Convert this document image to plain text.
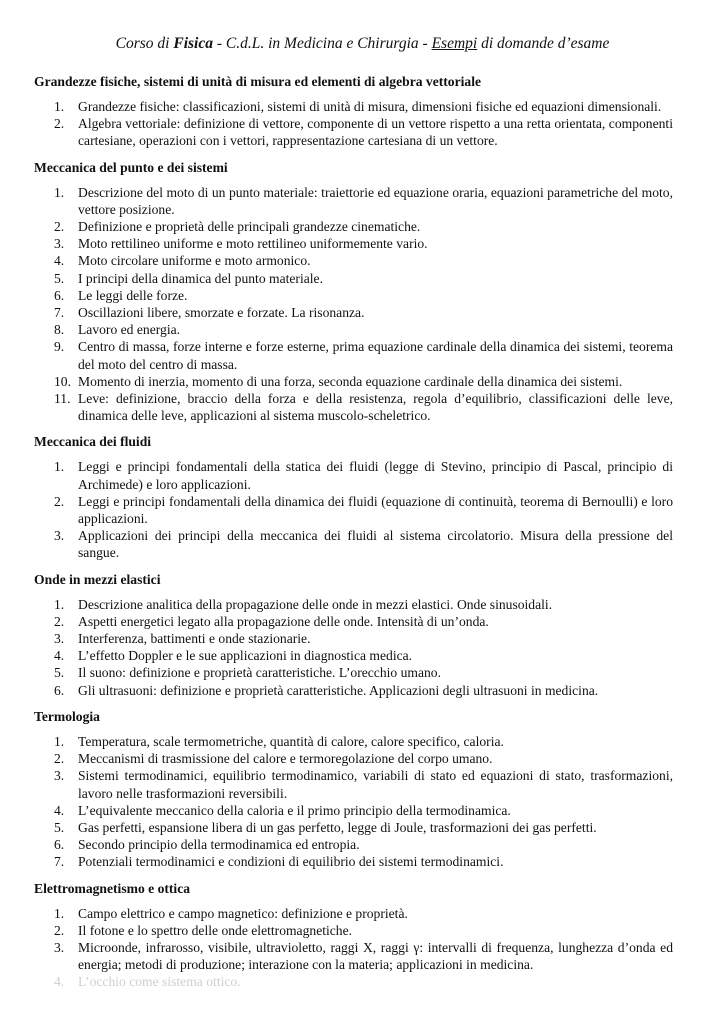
Corso di Fisica - C.d.L. in Medicina e Chirurgia - Esempi di domande d’esame
Grandezze fisiche, sistemi di unità di misura ed elementi di algebra vettoriale
1.	Grandezze fisiche: classificazioni, sistemi di unità di misura, dimensioni fisiche ed equazioni dimensionali.
2.	Algebra vettoriale: definizione di vettore, componente di un vettore rispetto a una retta orientata, componenti cartesiane, operazioni con i vettori, rappresentazione cartesiana di un vettore.
Meccanica del punto e dei sistemi
1.	Descrizione del moto di un punto materiale: traiettorie ed equazione oraria, equazioni parametriche del moto, vettore posizione.
2.	Definizione e proprietà delle principali grandezze cinematiche.
3.	Moto rettilineo uniforme e moto rettilineo uniformemente vario.
4.	Moto circolare uniforme e moto armonico.
5.	I principi della dinamica del punto materiale.
6.	Le leggi delle forze.
7.	Oscillazioni libere, smorzate e forzate. La risonanza.
8.	Lavoro ed energia.
9.	Centro di massa, forze interne e forze esterne, prima equazione cardinale della dinamica dei sistemi, teorema del moto del centro di massa.
10. Momento di inerzia, momento di una forza, seconda equazione cardinale della dinamica dei sistemi.
11. Leve: definizione, braccio della forza e della resistenza, regola d’equilibrio, classificazioni delle leve, dinamica delle leve, applicazioni al sistema muscolo-scheletrico.
Meccanica dei fluidi
1.	Leggi e principi fondamentali della statica dei fluidi (legge di Stevino, principio di Pascal, principio di Archimede) e loro applicazioni.
2.	Leggi e principi fondamentali della dinamica dei fluidi (equazione di continuità, teorema di Bernoulli) e loro applicazioni.
3.	Applicazioni dei principi della meccanica dei fluidi al sistema circolatorio. Misura della pressione del sangue.
Onde in mezzi elastici
1.	Descrizione analitica della propagazione delle onde in mezzi elastici. Onde sinusoidali.
2.	Aspetti energetici legato alla propagazione delle onde. Intensità di un’onda.
3.	Interferenza, battimenti e onde stazionarie.
4.	L’effetto Doppler e le sue applicazioni in diagnostica medica.
5.	Il suono: definizione e proprietà caratteristiche. L’orecchio umano.
6.	Gli ultrasuoni: definizione e proprietà caratteristiche. Applicazioni degli ultrasuoni in medicina.
Termologia
1.	Temperatura, scale termometriche, quantità di calore, calore specifico, caloria.
2.	Meccanismi di trasmissione del calore e termoregolazione del corpo umano.
3.	Sistemi termodinamici, equilibrio termodinamico, variabili di stato ed equazioni di stato, trasformazioni, lavoro nelle trasformazioni reversibili.
4.	L’equivalente meccanico della caloria e il primo principio della termodinamica.
5.	Gas perfetti, espansione libera di un gas perfetto, legge di Joule, trasformazioni dei gas perfetti.
6.	Secondo principio della termodinamica ed entropia.
7.	Potenziali termodinamici e condizioni di equilibrio dei sistemi termodinamici.
Elettromagnetismo e ottica
1.	Campo elettrico e campo magnetico: definizione e proprietà.
2.	Il fotone e lo spettro delle onde elettromagnetiche.
3.	Microonde, infrarosso, visibile, ultravioletto, raggi X, raggi γ: intervalli di frequenza, lunghezza d’onda ed energia; metodi di produzione; interazione con la materia; applicazioni in medicina.
4.	L’occhio come sistema ottico.
